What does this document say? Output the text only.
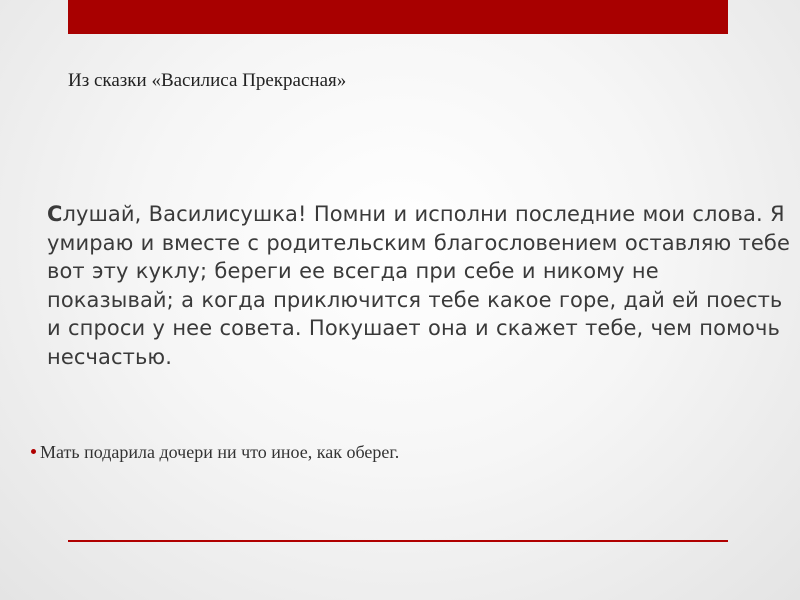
Из сказки «Василиса Прекрасная»
Слушай, Василисушка! Помни и исполни последние мои слова. Я умираю и вместе с родительским благословением оставляю тебе вот эту куклу; береги ее всегда при себе и никому не показывай; а когда приключится тебе какое горе, дай ей поесть и спроси у нее совета. Покушает она и скажет тебе, чем помочь несчастью.
Мать подарила дочери ни что иное, как оберег.
